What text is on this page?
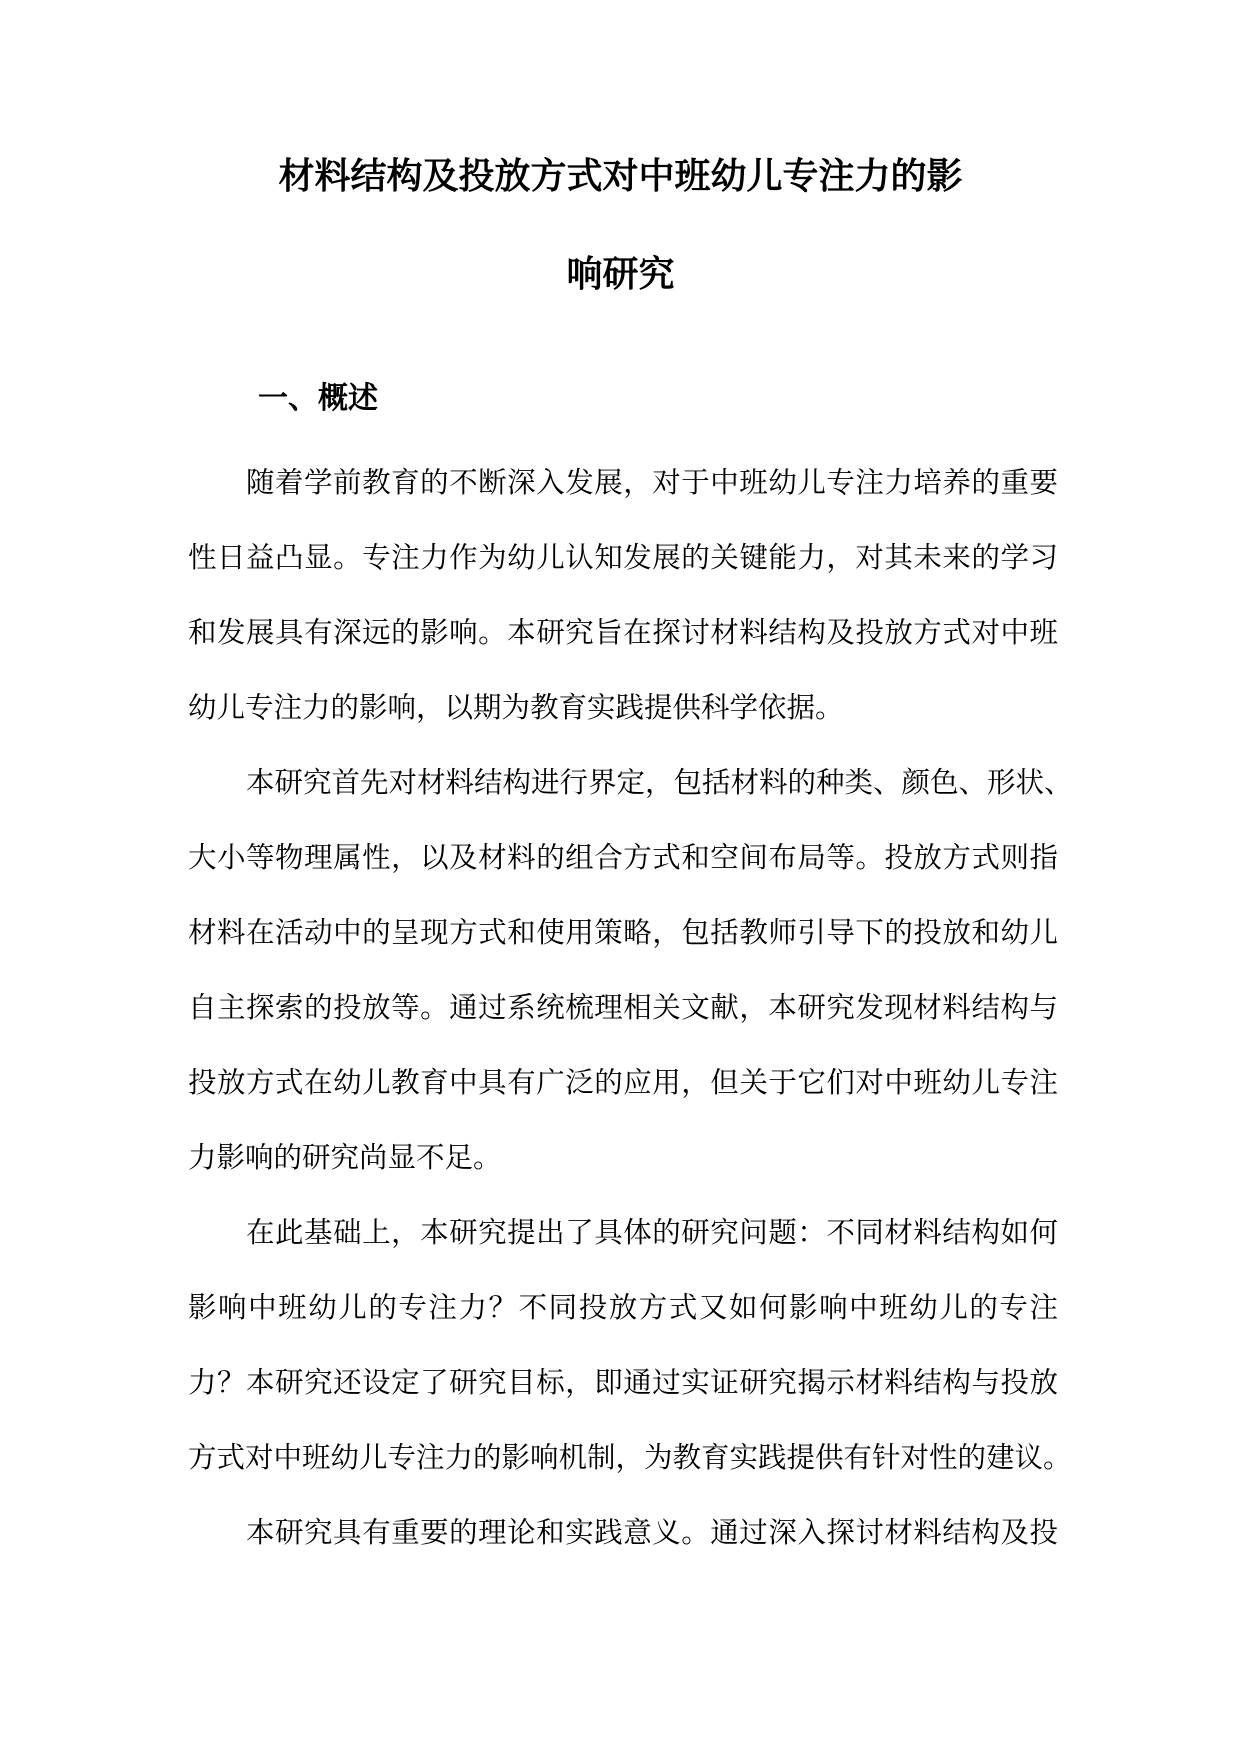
材料结构及投放方式对中班幼儿专注力的影
响研究
一、概述
随着学前教育的不断深入发展，对于中班幼儿专注力培养的重要
性日益凸显。专注力作为幼儿认知发展的关键能力，对其未来的学习
和发展具有深远的影响。本研究旨在探讨材料结构及投放方式对中班
幼儿专注力的影响，以期为教育实践提供科学依据。
本研究首先对材料结构进行界定，包括材料的种类、颜色、形状、
大小等物理属性，以及材料的组合方式和空间布局等。投放方式则指
材料在活动中的呈现方式和使用策略，包括教师引导下的投放和幼儿
自主探索的投放等。通过系统梳理相关文献，本研究发现材料结构与
投放方式在幼儿教育中具有广泛的应用，但关于它们对中班幼儿专注
力影响的研究尚显不足。
在此基础上，本研究提出了具体的研究问题：不同材料结构如何
影响中班幼儿的专注力？不同投放方式又如何影响中班幼儿的专注
力？本研究还设定了研究目标，即通过实证研究揭示材料结构与投放
方式对中班幼儿专注力的影响机制，为教育实践提供有针对性的建议。
本研究具有重要的理论和实践意义。通过深入探讨材料结构及投
